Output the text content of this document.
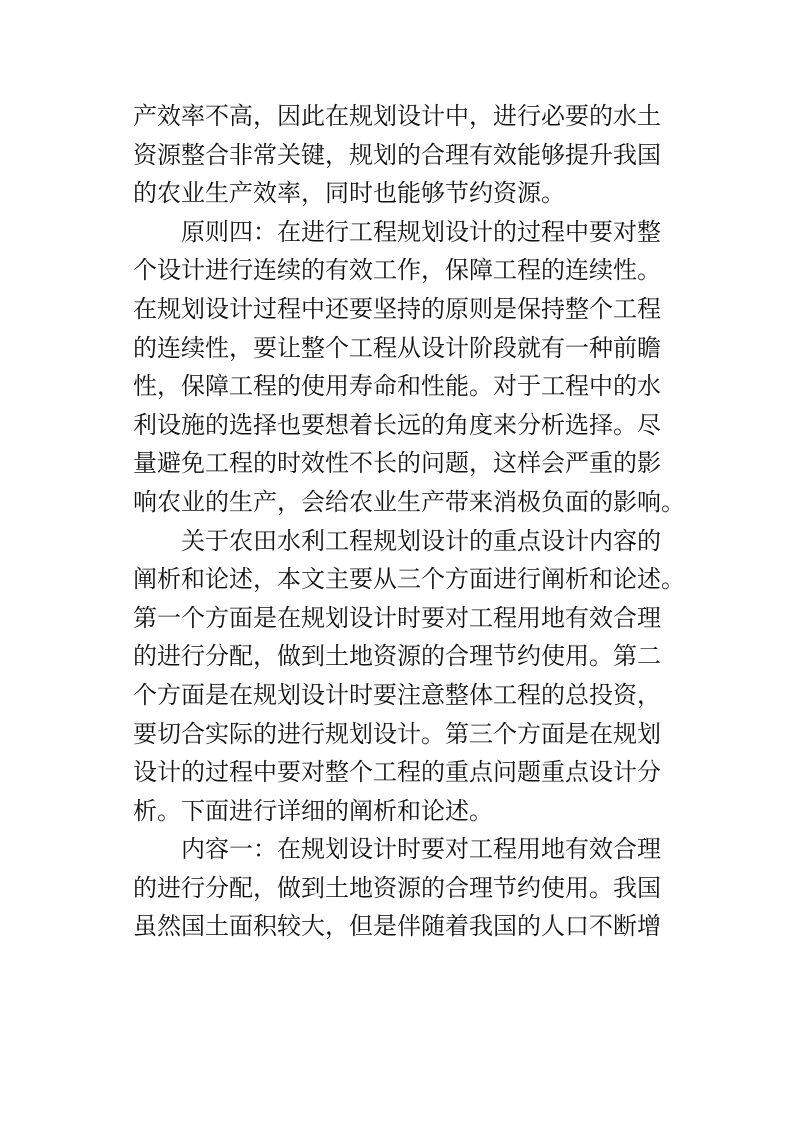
产效率不高，因此在规划设计中，进行必要的水土
资源整合非常关键，规划的合理有效能够提升我国
的农业生产效率，同时也能够节约资源。
原则四：在进行工程规划设计的过程中要对整
个设计进行连续的有效工作，保障工程的连续性。
在规划设计过程中还要坚持的原则是保持整个工程
的连续性，要让整个工程从设计阶段就有一种前瞻
性，保障工程的使用寿命和性能。对于工程中的水
利设施的选择也要想着长远的角度来分析选择。尽
量避免工程的时效性不长的问题，这样会严重的影
响农业的生产，会给农业生产带来消极负面的影响。
关于农田水利工程规划设计的重点设计内容的
阐析和论述，本文主要从三个方面进行阐析和论述。
第一个方面是在规划设计时要对工程用地有效合理
的进行分配，做到土地资源的合理节约使用。第二
个方面是在规划设计时要注意整体工程的总投资，
要切合实际的进行规划设计。第三个方面是在规划
设计的过程中要对整个工程的重点问题重点设计分
析。下面进行详细的阐析和论述。
内容一：在规划设计时要对工程用地有效合理
的进行分配，做到土地资源的合理节约使用。我国
虽然国土面积较大，但是伴随着我国的人口不断增
